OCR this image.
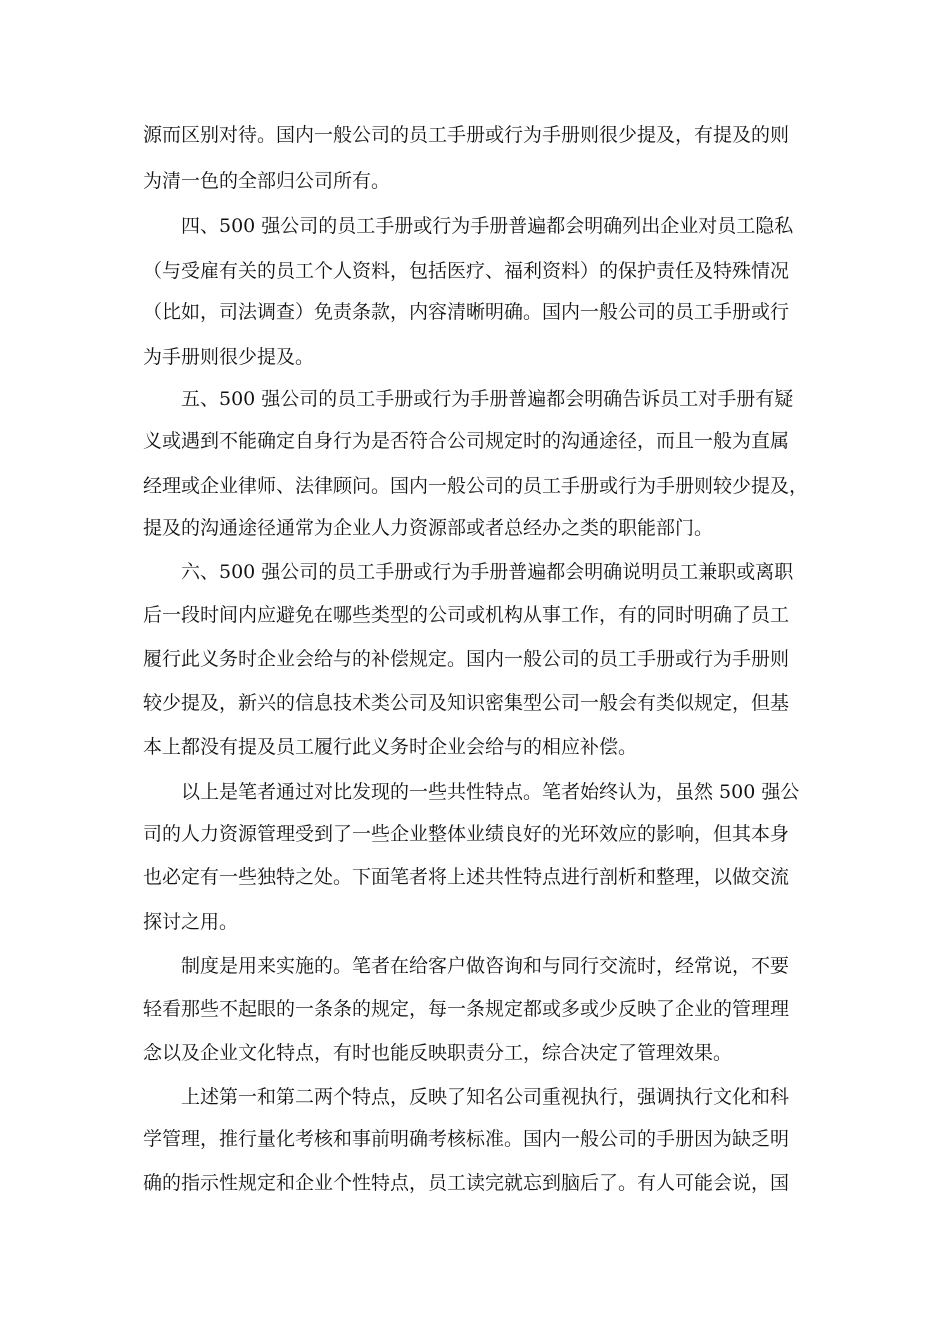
源而区别对待。国内一般公司的员工手册或行为手册则很少提及，有提及的则
为清一色的全部归公司所有。
四、500 强公司的员工手册或行为手册普遍都会明确列出企业对员工隐私
（与受雇有关的员工个人资料，包括医疗、福利资料）的保护责任及特殊情况
（比如，司法调查）免责条款，内容清晰明确。国内一般公司的员工手册或行
为手册则很少提及。
五、500 强公司的员工手册或行为手册普遍都会明确告诉员工对手册有疑
义或遇到不能确定自身行为是否符合公司规定时的沟通途径，而且一般为直属
经理或企业律师、法律顾问。国内一般公司的员工手册或行为手册则较少提及，
提及的沟通途径通常为企业人力资源部或者总经办之类的职能部门。
六、500 强公司的员工手册或行为手册普遍都会明确说明员工兼职或离职
后一段时间内应避免在哪些类型的公司或机构从事工作，有的同时明确了员工
履行此义务时企业会给与的补偿规定。国内一般公司的员工手册或行为手册则
较少提及，新兴的信息技术类公司及知识密集型公司一般会有类似规定，但基
本上都没有提及员工履行此义务时企业会给与的相应补偿。
以上是笔者通过对比发现的一些共性特点。笔者始终认为，虽然 500 强公
司的人力资源管理受到了一些企业整体业绩良好的光环效应的影响，但其本身
也必定有一些独特之处。下面笔者将上述共性特点进行剖析和整理，以做交流
探讨之用。
制度是用来实施的。笔者在给客户做咨询和与同行交流时，经常说，不要
轻看那些不起眼的一条条的规定，每一条规定都或多或少反映了企业的管理理
念以及企业文化特点，有时也能反映职责分工，综合决定了管理效果。
上述第一和第二两个特点，反映了知名公司重视执行，强调执行文化和科
学管理，推行量化考核和事前明确考核标准。国内一般公司的手册因为缺乏明
确的指示性规定和企业个性特点，员工读完就忘到脑后了。有人可能会说，国
